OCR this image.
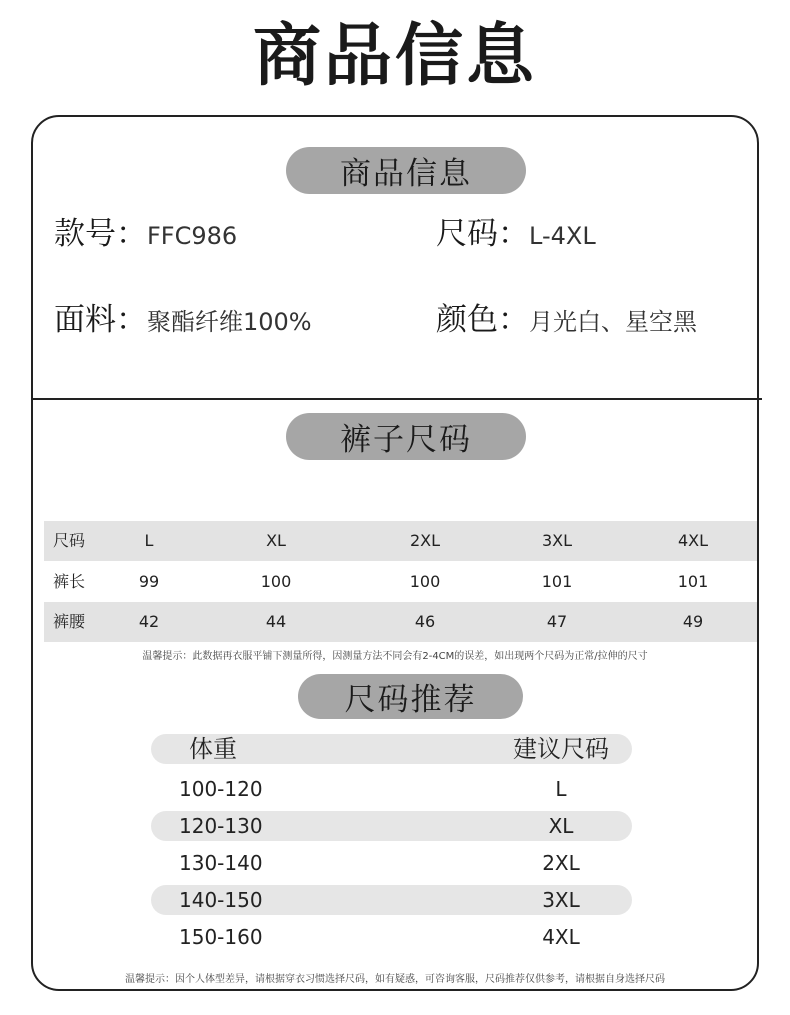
商品信息
商品信息
款号：FFC986	尺码：L-4XL
面料：聚酯纤维100%	颜色：月光白、星空黑
裤子尺码
尺码	L	XL	2XL	3XL	4XL
裤长	99	100	100	101	101
裤腰	42	44	46	47	49
温馨提示：此数据再衣服平铺下测量所得，因测量方法不同会有2-4CM的误差，如出现两个尺码为正常/拉伸的尺寸
尺码推荐
体重	建议尺码
100-120	L
120-130	XL
130-140	2XL
140-150	3XL
150-160	4XL
温馨提示：因个人体型差异，请根据穿衣习惯选择尺码，如有疑惑，可咨询客服，尺码推荐仅供参考，请根据自身选择尺码
